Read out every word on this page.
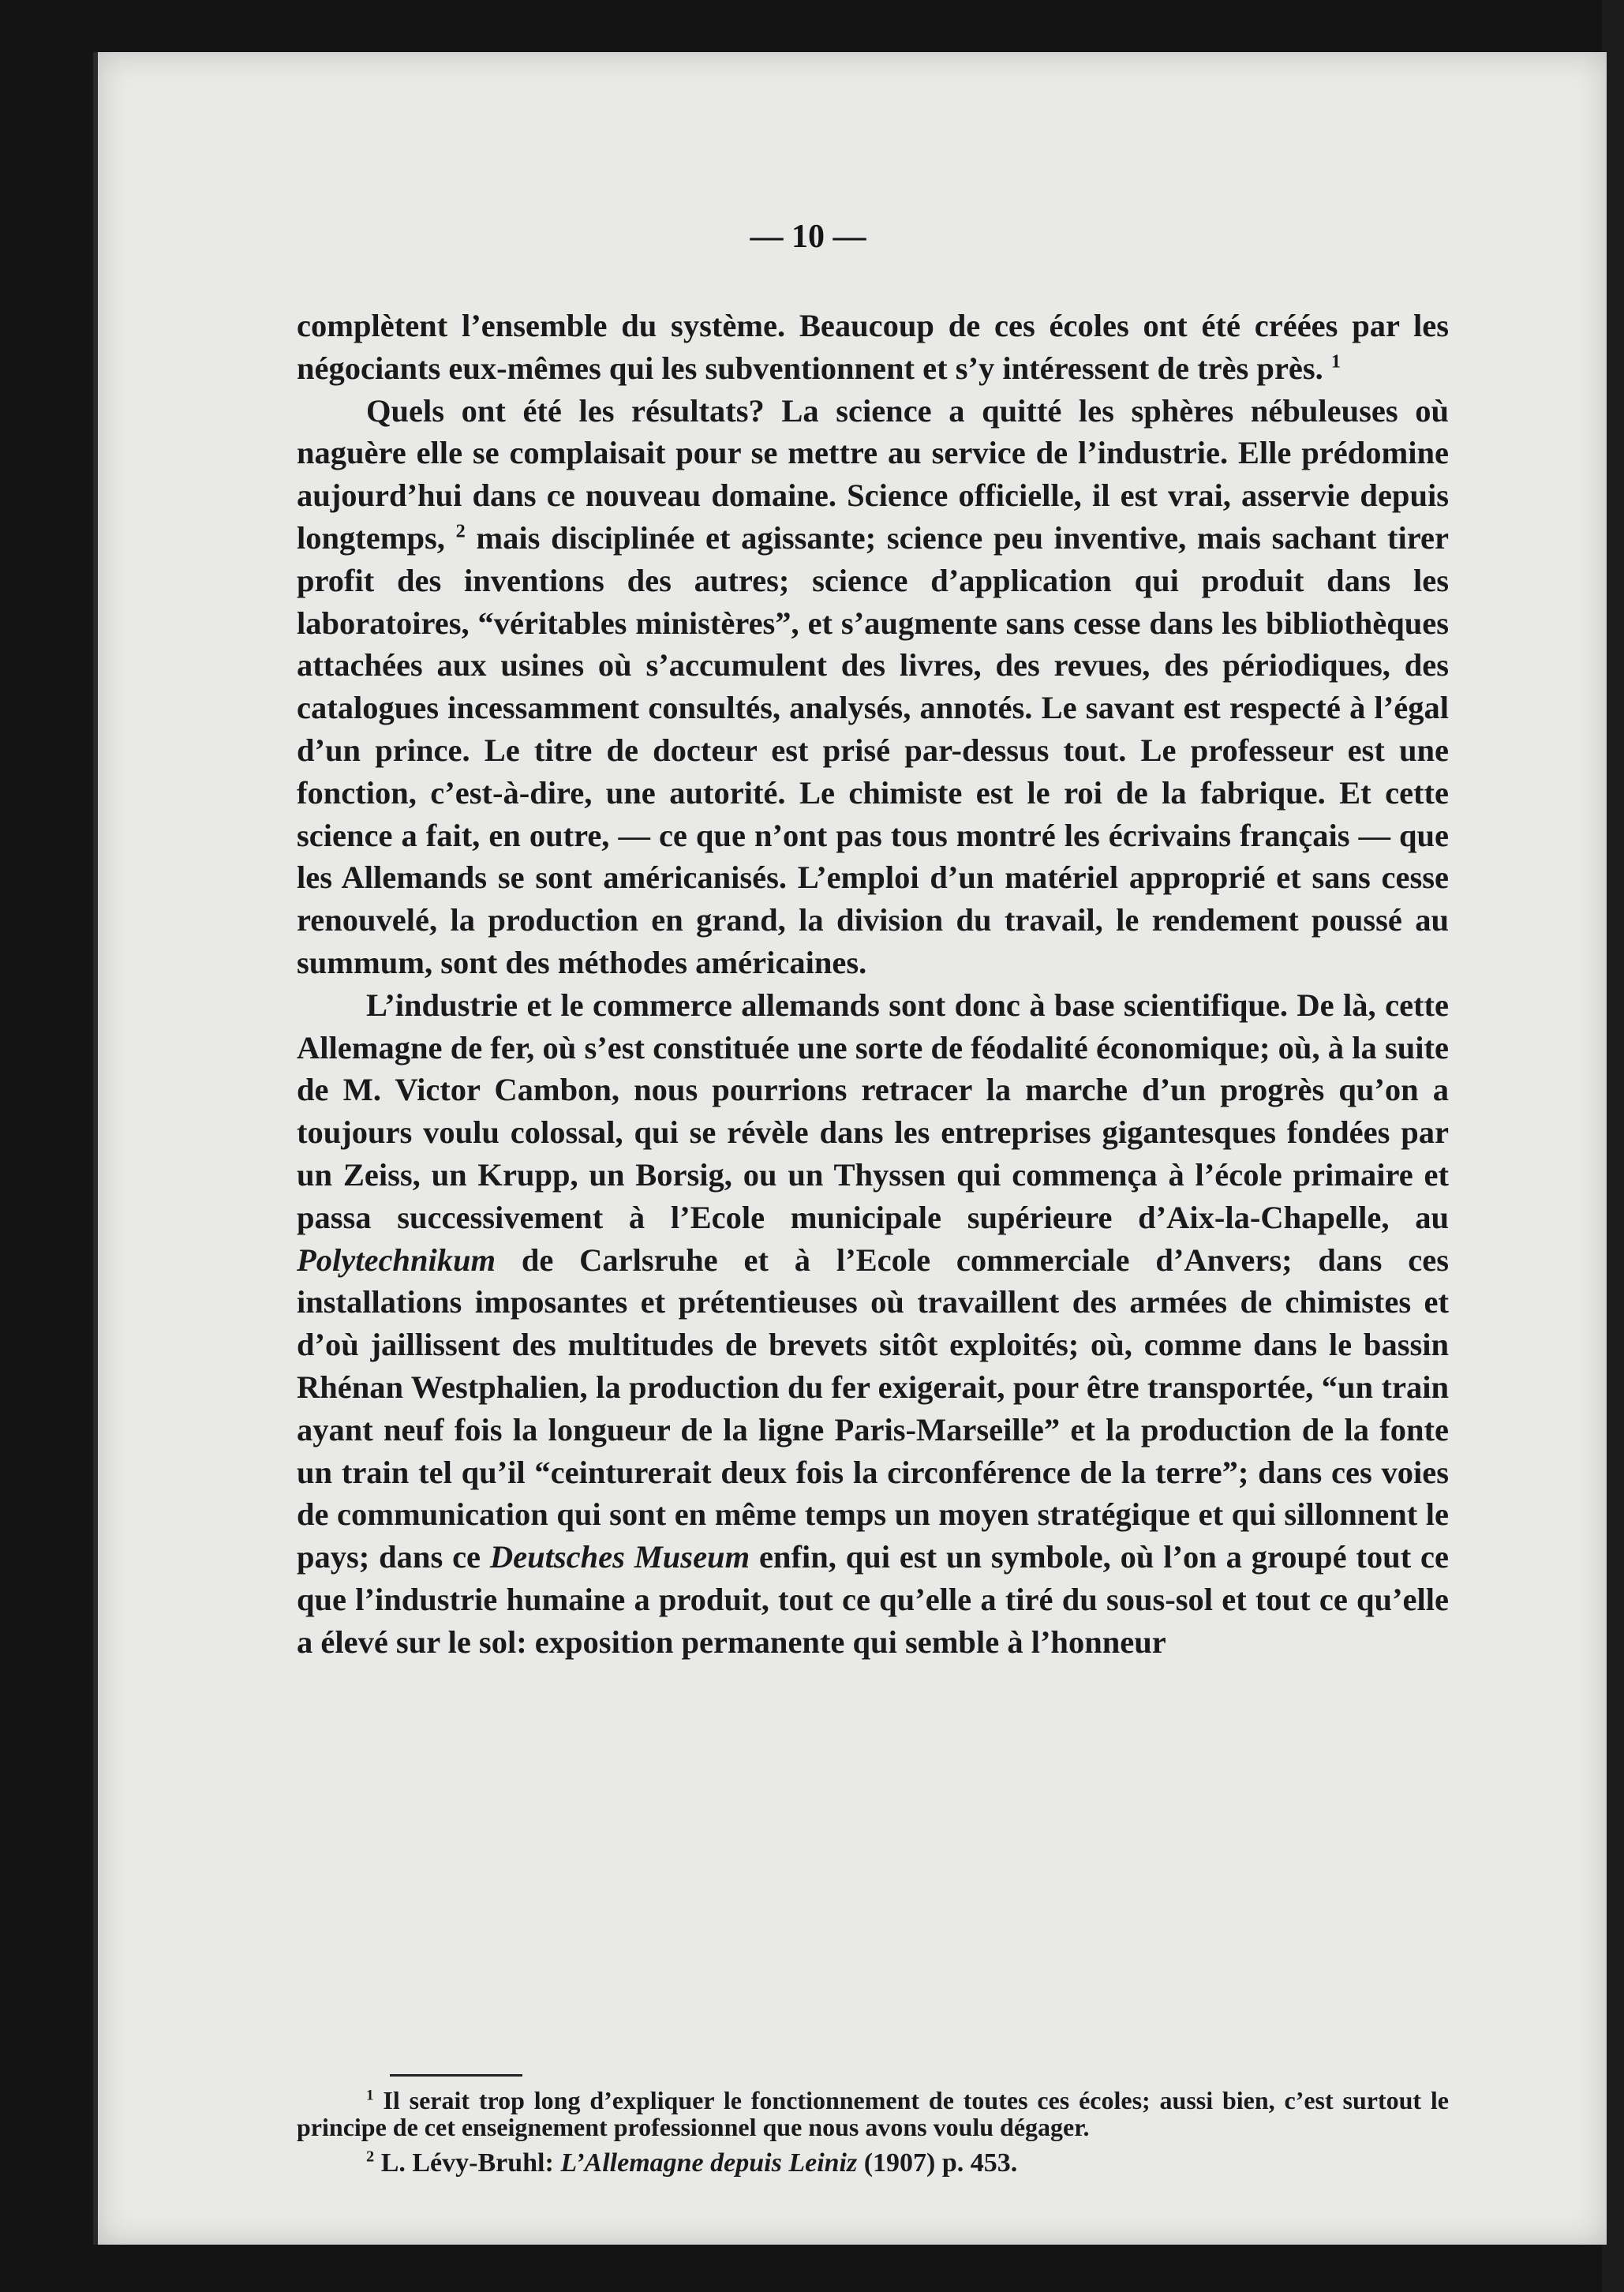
— 10 —

complètent l’ensemble du système. Beaucoup de ces écoles ont été créées par les négociants eux-mêmes qui les subventionnent et s’y intéressent de très près. $^1$

Quels ont été les résultats? La science a quitté les sphères nébuleuses où naguère elle se complaisait pour se mettre au service de l’industrie. Elle prédomine aujourd’hui dans ce nouveau domaine. Science officielle, il est vrai, asservie depuis longtemps, $^2$ mais disciplinée et agissante; science peu inventive, mais sachant tirer profit des inventions des autres; science d’application qui produit dans les laboratoires, “véritables ministères”, et s’augmente sans cesse dans les bibliothèques attachées aux usines où s’accumulent des livres, des revues, des périodiques, des catalogues incessamment consultés, analysés, annotés. Le savant est respecté à l’égal d’un prince. Le titre de docteur est prisé par-dessus tout. Le professeur est une fonction, c’est-à-dire, une autorité. Le chimiste est le roi de la fabrique. Et cette science a fait, en outre, — ce que n’ont pas tous montré les écrivains français — que les Allemands se sont américanisés. L’emploi d’un matériel approprié et sans cesse renouvelé, la production en grand, la division du travail, le rendement poussé au summum, sont des méthodes américaines.

L’industrie et le commerce allemands sont donc à base scientifique. De là, cette Allemagne de fer, où s’est constituée une sorte de féodalité économique; où, à la suite de M. Victor Cambon, nous pourrions retracer la marche d’un progrès qu’on a toujours voulu colossal, qui se révèle dans les entreprises gigantesques fondées par un Zeiss, un Krupp, un Borsig, ou un Thyssen qui commença à l’école primaire et passa successivement à l’Ecole municipale supérieure d’Aix-la-Chapelle, au Polytechnikum de Carlsruhe et à l’Ecole commerciale d’Anvers; dans ces installations imposantes et prétentieuses où travaillent des armées de chimistes et d’où jaillissent des multitudes de brevets sitôt exploités; où, comme dans le bassin Rhénan Westphalien, la production du fer exigerait, pour être transportée, “un train ayant neuf fois la longueur de la ligne Paris-Marseille” et la production de la fonte un train tel qu’il “ceinturerait deux fois la circonférence de la terre”; dans ces voies de communication qui sont en même temps un moyen stratégique et qui sillonnent le pays; dans ce Deutsches Museum enfin, qui est un symbole, où l’on a groupé tout ce que l’industrie humaine a produit, tout ce qu’elle a tiré du sous-sol et tout ce qu’elle a élevé sur le sol: exposition permanente qui semble à l’honneur

$^1$ Il serait trop long d’expliquer le fonctionnement de toutes ces écoles; aussi bien, c’est surtout le principe de cet enseignement professionnel que nous avons voulu dégager.

$^2$ L. Lévy-Bruhl: L’Allemagne depuis Leiniz (1907) p. 453.
